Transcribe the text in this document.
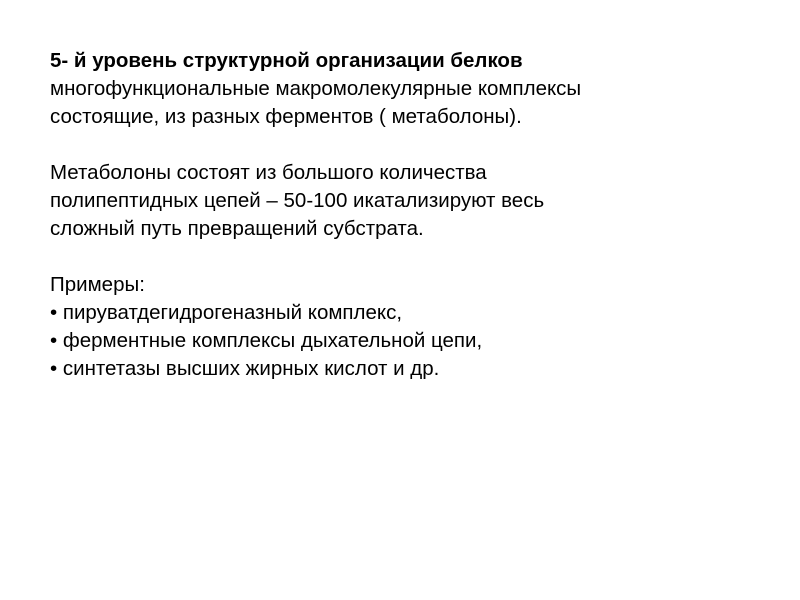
5- й уровень структурной организации белков
многофункциональные макромолекулярные комплексы
состоящие, из разных ферментов ( метаболоны).
Метаболоны состоят из большого количества
полипептидных цепей – 50-100 икатализируют весь
сложный путь превращений субстрата.
Примеры:
• пируватдегидрогеназный комплекс,
• ферментные комплексы дыхательной цепи,
• синтетазы высших жирных кислот и др.
